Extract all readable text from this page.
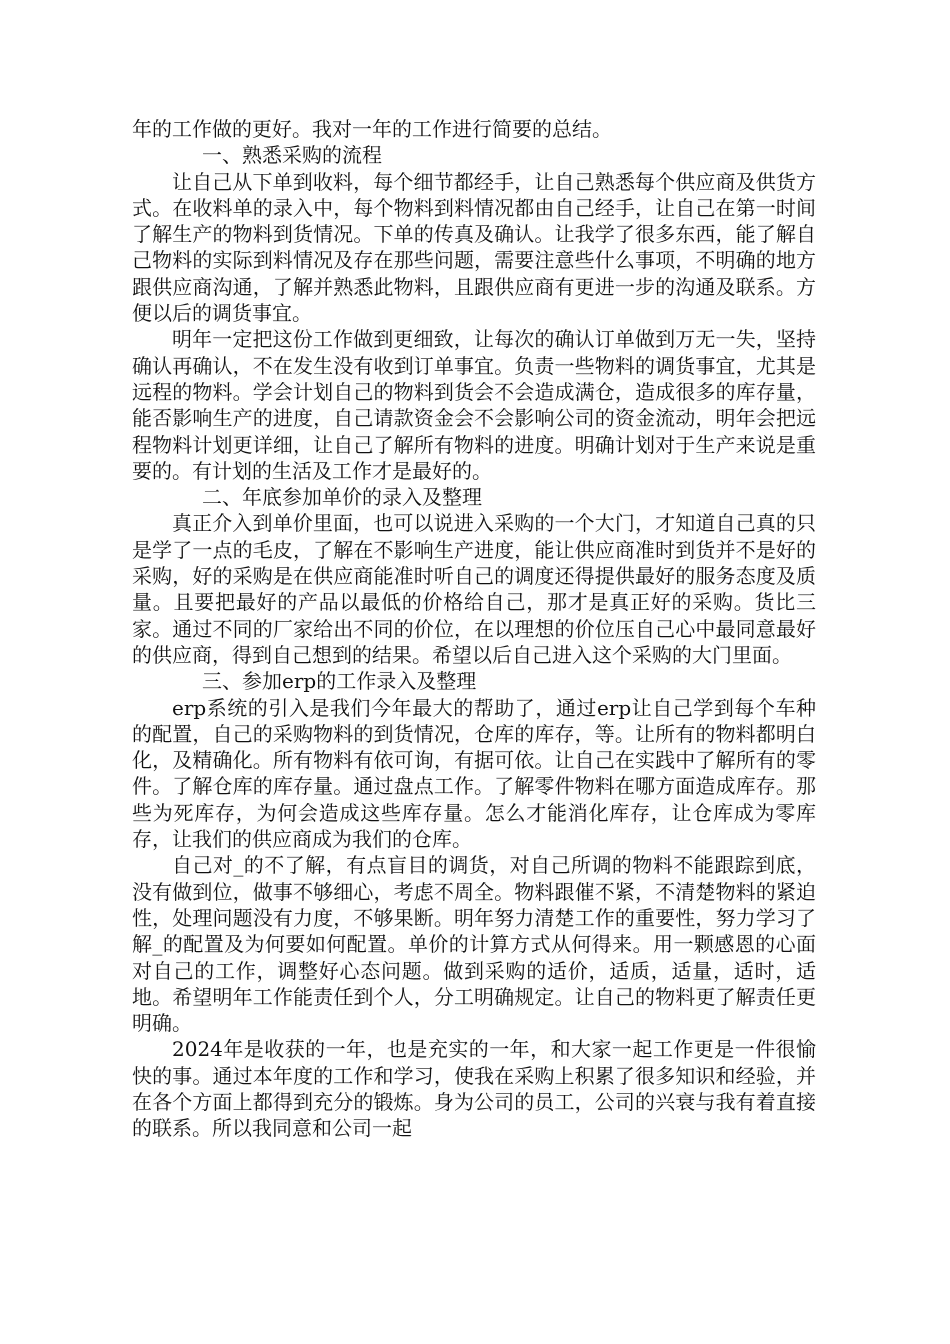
年的工作做的更好。我对一年的工作进行简要的总结。

一、熟悉采购的流程

让自己从下单到收料，每个细节都经手，让自己熟悉每个供应商及供货方式。在收料单的录入中，每个物料到料情况都由自己经手，让自己在第一时间了解生产的物料到货情况。下单的传真及确认。让我学了很多东西，能了解自己物料的实际到料情况及存在那些问题，需要注意些什么事项，不明确的地方跟供应商沟通，了解并熟悉此物料，且跟供应商有更进一步的沟通及联系。方便以后的调货事宜。

明年一定把这份工作做到更细致，让每次的确认订单做到万无一失，坚持确认再确认，不在发生没有收到订单事宜。负责一些物料的调货事宜，尤其是远程的物料。学会计划自己的物料到货会不会造成满仓，造成很多的库存量，能否影响生产的进度，自己请款资金会不会影响公司的资金流动，明年会把远程物料计划更详细，让自己了解所有物料的进度。明确计划对于生产来说是重要的。有计划的生活及工作才是最好的。

二、年底参加单价的录入及整理

真正介入到单价里面，也可以说进入采购的一个大门，才知道自己真的只是学了一点的毛皮，了解在不影响生产进度，能让供应商准时到货并不是好的采购，好的采购是在供应商能准时听自己的调度还得提供最好的服务态度及质量。且要把最好的产品以最低的价格给自己，那才是真正好的采购。货比三家。通过不同的厂家给出不同的价位，在以理想的价位压自己心中最同意最好的供应商，得到自己想到的结果。希望以后自己进入这个采购的大门里面。

三、参加erp的工作录入及整理

erp系统的引入是我们今年最大的帮助了，通过erp让自己学到每个车种的配置，自己的采购物料的到货情况，仓库的库存，等。让所有的物料都明白化，及精确化。所有物料有依可询，有据可依。让自己在实践中了解所有的零件。了解仓库的库存量。通过盘点工作。了解零件物料在哪方面造成库存。那些为死库存，为何会造成这些库存量。怎么才能消化库存，让仓库成为零库存，让我们的供应商成为我们的仓库。

自己对_的不了解，有点盲目的调货，对自己所调的物料不能跟踪到底，没有做到位，做事不够细心，考虑不周全。物料跟催不紧，不清楚物料的紧迫性，处理问题没有力度，不够果断。明年努力清楚工作的重要性，努力学习了解_的配置及为何要如何配置。单价的计算方式从何得来。用一颗感恩的心面对自己的工作，调整好心态问题。做到采购的适价，适质，适量，适时，适地。希望明年工作能责任到个人，分工明确规定。让自己的物料更了解责任更明确。

2024年是收获的一年，也是充实的一年，和大家一起工作更是一件很愉快的事。通过本年度的工作和学习，使我在采购上积累了很多知识和经验，并在各个方面上都得到充分的锻炼。身为公司的员工，公司的兴衰与我有着直接的联系。所以我同意和公司一起
